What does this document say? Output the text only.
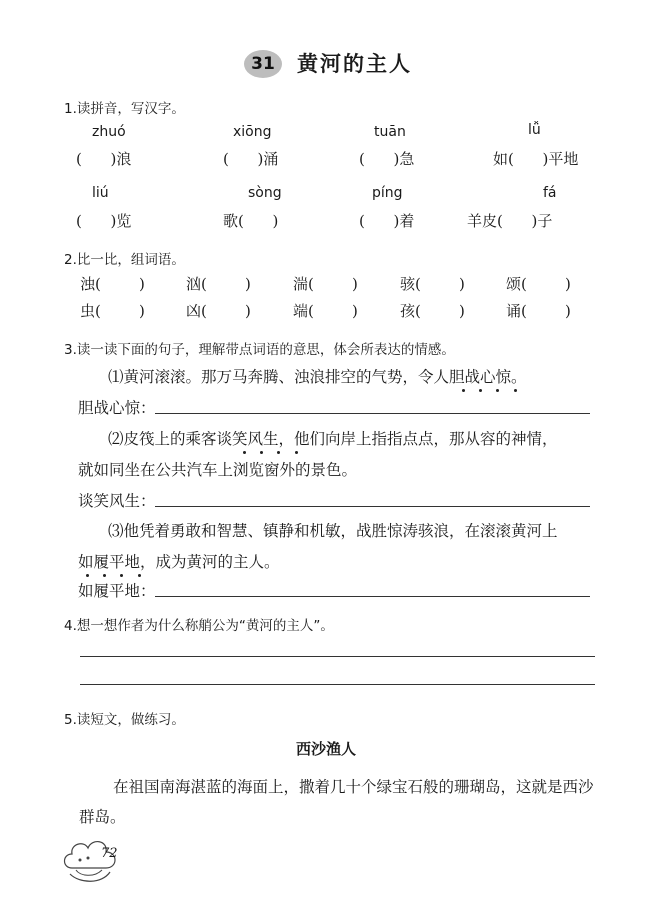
31	黄河的主人
1.读拼音，写汉字。
zhuó	xiōng	tuān	lǚ
(      )浪	(      )涌	(      )急	如(      )平地
liú	sòng	píng	fá
(      )览	歌(      )	(      )着	羊皮(      )子
2.比一比，组词语。
浊(        )	汹(        )	湍(        )	骇(        )	颂(        )
虫(        )	凶(        )	端(        )	孩(        )	诵(        )
3.读一读下面的句子，理解带点词语的意思，体会所表达的情感。
⑴黄河滚滚。那万马奔腾、浊浪排空的气势，令人胆战心惊。
胆战心惊：
⑵皮筏上的乘客谈笑风生，他们向岸上指指点点，那从容的神情，
就如同坐在公共汽车上浏览窗外的景色。
谈笑风生：
⑶他凭着勇敢和智慧、镇静和机敏，战胜惊涛骇浪，在滚滚黄河上
如履平地，成为黄河的主人。
如履平地：
4.想一想作者为什么称艄公为“黄河的主人”。
5.读短文，做练习。
西沙渔人
在祖国南海湛蓝的海面上，撒着几十个绿宝石般的珊瑚岛，这就是西沙群岛。
72
